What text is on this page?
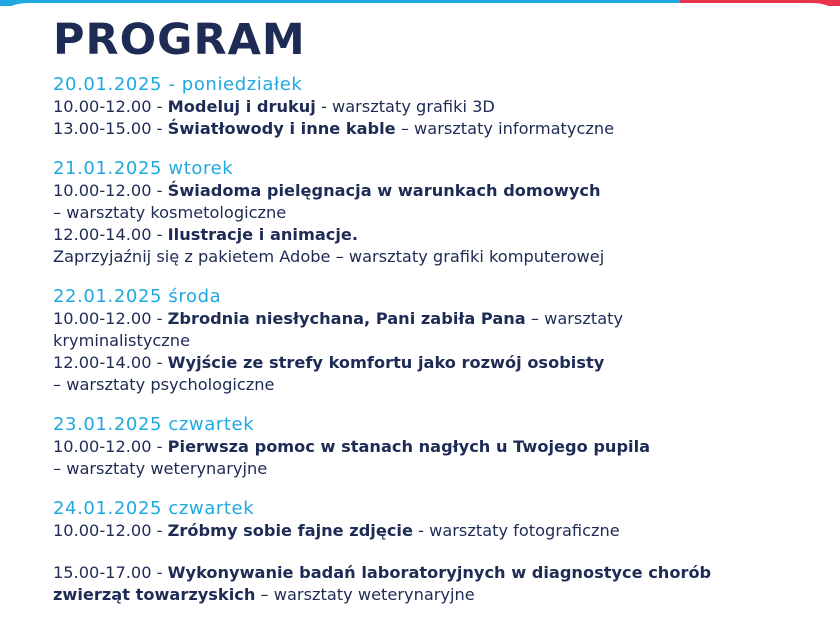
PROGRAM
20.01.2025 - poniedziałek
10.00-12.00 - Modeluj i drukuj - warsztaty grafiki 3D
13.00-15.00 - Światłowody i inne kable – warsztaty informatyczne
21.01.2025 wtorek
10.00-12.00 - Świadoma pielęgnacja w warunkach domowych
– warsztaty kosmetologiczne
12.00-14.00 - Ilustracje i animacje.
Zaprzyjaźnij się z pakietem Adobe – warsztaty grafiki komputerowej
22.01.2025 środa
10.00-12.00 - Zbrodnia niesłychana, Pani zabiła Pana – warsztaty
kryminalistyczne
12.00-14.00 - Wyjście ze strefy komfortu jako rozwój osobisty
– warsztaty psychologiczne
23.01.2025 czwartek
10.00-12.00 - Pierwsza pomoc w stanach nagłych u Twojego pupila
– warsztaty weterynaryjne
24.01.2025 czwartek
10.00-12.00 - Zróbmy sobie fajne zdjęcie - warsztaty fotograficzne
15.00-17.00 - Wykonywanie badań laboratoryjnych w diagnostyce chorób
zwierząt towarzyskich – warsztaty weterynaryjne
